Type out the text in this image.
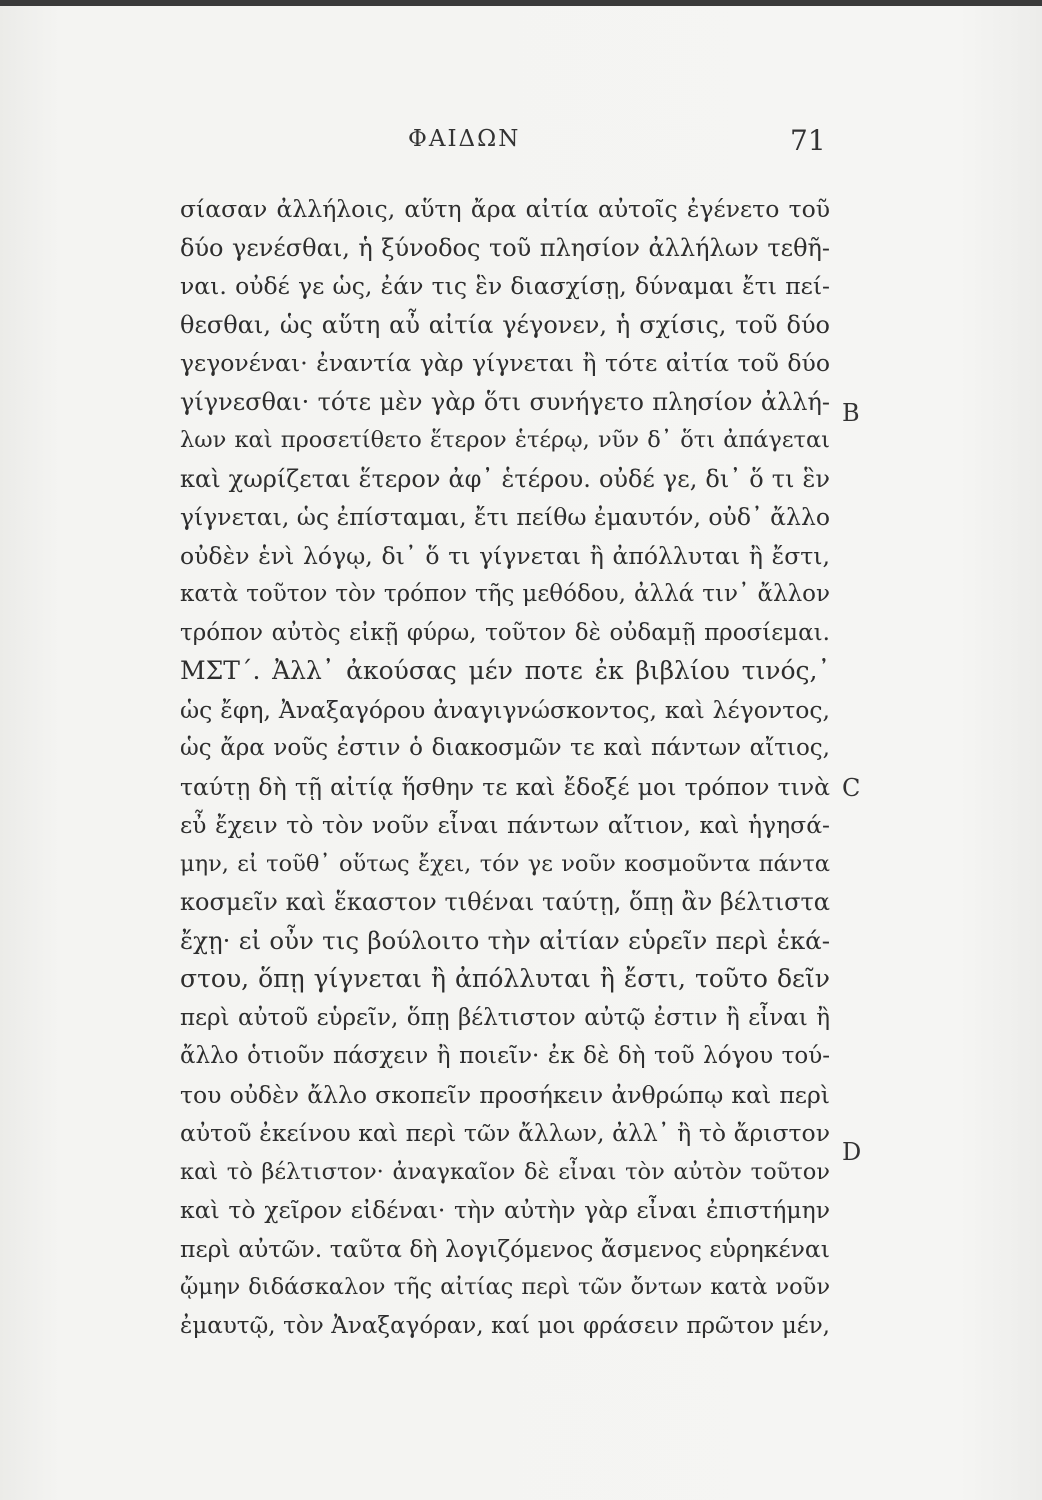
ΦΑΙΔΩΝ	71
σίασαν ἀλλήλοις, αὕτη ἄρα αἰτία αὐτοῖς ἐγένετο τοῦ
δύο γενέσθαι, ἡ ξύνοδος τοῦ πλησίον ἀλλήλων τεθῆ-
ναι. οὐδέ γε ὡς, ἐάν τις ἓν διασχίσῃ, δύναμαι ἔτι πεί-
θεσθαι, ὡς αὕτη αὖ αἰτία γέγονεν, ἡ σχίσις, τοῦ δύο
γεγονέναι· ἐναντία γὰρ γίγνεται ἢ τότε αἰτία τοῦ δύο
γίγνεσθαι· τότε μὲν γὰρ ὅτι συνήγετο πλησίον ἀλλή-
λων καὶ προσετίθετο ἕτερον ἑτέρῳ, νῦν δ᾽ ὅτι ἀπάγεται
καὶ χωρίζεται ἕτερον ἀφ᾽ ἑτέρου. οὐδέ γε, δι᾽ ὅ τι ἓν
γίγνεται, ὡς ἐπίσταμαι, ἔτι πείθω ἐμαυτόν, οὐδ᾽ ἄλλο
οὐδὲν ἑνὶ λόγῳ, δι᾽ ὅ τι γίγνεται ἢ ἀπόλλυται ἢ ἔστι,
κατὰ τοῦτον τὸν τρόπον τῆς μεθόδου, ἀλλά τιν᾽ ἄλλον
τρόπον αὐτὸς εἰκῇ φύρω, τοῦτον δὲ οὐδαμῇ προσίεμαι.
ΜΣΤ΄. Ἀλλ᾽ ἀκούσας μέν ποτε ἐκ βιβλίου τινός,᾽
ὡς ἔφη, Ἀναξαγόρου ἀναγιγνώσκοντος, καὶ λέγοντος,
ὡς ἄρα νοῦς ἐστιν ὁ διακοσμῶν τε καὶ πάντων αἴτιος,
ταύτῃ δὴ τῇ αἰτίᾳ ἥσθην τε καὶ ἔδοξέ μοι τρόπον τινὰ
εὖ ἔχειν τὸ τὸν νοῦν εἶναι πάντων αἴτιον, καὶ ἡγησά-
μην, εἰ τοῦθ᾽ οὕτως ἔχει, τόν γε νοῦν κοσμοῦντα πάντα
κοσμεῖν καὶ ἕκαστον τιθέναι ταύτῃ, ὅπῃ ἂν βέλτιστα
ἔχῃ· εἰ οὖν τις βούλοιτο τὴν αἰτίαν εὑρεῖν περὶ ἑκά-
στου, ὅπῃ γίγνεται ἢ ἀπόλλυται ἢ ἔστι, τοῦτο δεῖν
περὶ αὐτοῦ εὑρεῖν, ὅπῃ βέλτιστον αὐτῷ ἐστιν ἢ εἶναι ἢ
ἄλλο ὁτιοῦν πάσχειν ἢ ποιεῖν· ἐκ δὲ δὴ τοῦ λόγου τού-
του οὐδὲν ἄλλο σκοπεῖν προσήκειν ἀνθρώπῳ καὶ περὶ
αὐτοῦ ἐκείνου καὶ περὶ τῶν ἄλλων, ἀλλ᾽ ἢ τὸ ἄριστον
καὶ τὸ βέλτιστον· ἀναγκαῖον δὲ εἶναι τὸν αὐτὸν τοῦτον
καὶ τὸ χεῖρον εἰδέναι· τὴν αὐτὴν γὰρ εἶναι ἐπιστήμην
περὶ αὐτῶν. ταῦτα δὴ λογιζόμενος ἄσμενος εὑρηκέναι
ᾤμην διδάσκαλον τῆς αἰτίας περὶ τῶν ὄντων κατὰ νοῦν
ἐμαυτῷ, τὸν Ἀναξαγόραν, καί μοι φράσειν πρῶτον μέν,
B
C
D
